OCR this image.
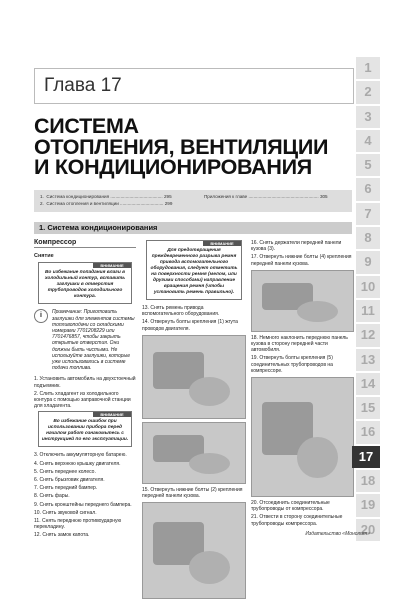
Глава 17
СИСТЕМА
ОТОПЛЕНИЯ, ВЕНТИЛЯЦИИ
И КОНДИЦИОНИРОВАНИЯ
1. Система кондиционирования ......................................... 295
2. Система отопления и вентиляции .................................. 299
Приложения к главе ....................................................... 305
1. Система кондиционирования
Компрессор
Снятие
ВНИМАНИЕ
Во избежание попадания влаги в холодильный контур, вставить заглушки в отверстия трубопроводов холодильного контура.
i	Примечание: Приготовить заглушки для элементов системы топливоподачи со складскими номерами 7701208229 или 7701476857, чтобы закрыть открытые отверстия. Они должны быть чистыми. Не используйте заглушки, которые уже использовались в системе подачи топлива.

1. Установить автомобиль на двухстоечный подъемник.

2. Слить хладагент из холодильного контура с помощью заправочной станции для хладагента.

ВНИМАНИЕ
Во избежание ошибок при использовании прибора перед началом работ ознакомьтесь с инструкцией по его эксплуатации.

3. Отключить аккумуляторную батарею.

4. Снять верхнюю крышку двигателя.

5. Снять переднее колесо.

6. Снять брызговик двигателя.

7. Снять передний бампер.

8. Снять фары.

9. Снять кронштейны переднего бампера.

10. Снять звуковой сигнал.

11. Снять переднюю противоударную перекладину.

12. Снять замок капота.

ВНИМАНИЕ
Для предотвращения преждевременного разрыва ремня привода вспомогательного оборудования, следует отметить на поверхности ремня (мелом, или другими способами) направление вращения ремня (чтобы установить ремень правильно).

13. Снять ремень привода вспомогательного оборудования.

14. Отвернуть болты крепления (1) жгута проводов двигателя.

15. Отвернуть нижние болты (2) крепления передней панели кузова.

16. Снять держатели передней панели кузова (3).

17. Отвернуть нижние болты (4) крепления передней панели кузова.

18. Немного наклонить переднюю панель кузова в сторону передней части автомобиля.

19. Отвернуть болты крепления (5) соединительных трубопроводов на компрессоре.

20. Отсоединить соединительные трубопроводы от компрессора.

21. Отвести в сторону соединительные трубопроводы компрессора.

1
2
3
4
5
6
7
8
9
10
11
12
13
14
15
16
17
18
19
20
Издательство «Монолит»
